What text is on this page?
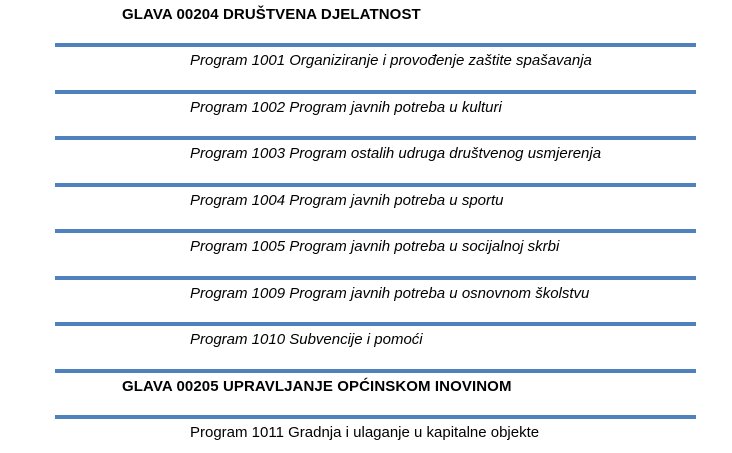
GLAVA 00204 DRUŠTVENA DJELATNOST
Program 1001 Organiziranje i provođenje zaštite spašavanja
Program 1002 Program javnih potreba u kulturi
Program 1003 Program ostalih udruga društvenog usmjerenja
Program 1004 Program javnih potreba u sportu
Program 1005 Program javnih potreba u socijalnoj skrbi
Program 1009 Program javnih potreba u osnovnom školstvu
Program 1010 Subvencije i pomoći
GLAVA 00205 UPRAVLJANJE OPĆINSKOM INOVINOM
Program 1011 Gradnja i ulaganje u kapitalne objekte
